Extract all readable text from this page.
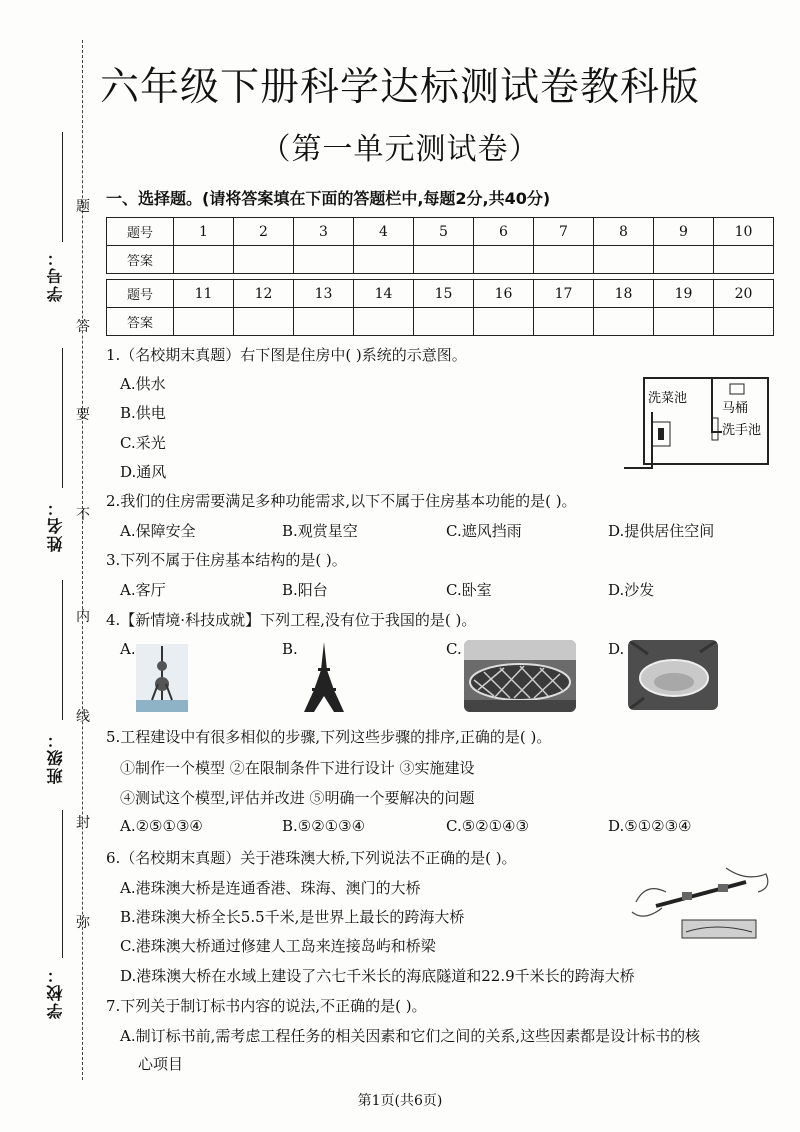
学号：
姓名：
班级：
学校：
题
答
要
不
内
线
封
弥
六年级下册科学达标测试卷教科版
（第一单元测试卷）
一、选择题。(请将答案填在下面的答题栏中,每题2分,共40分)
题号	1	2	3	4	5	6	7	8	9	10
答案										

题号	11	12	13	14	15	16	17	18	19	20
答案										
1.（名校期末真题）右下图是住房中( )系统的示意图。
A.供水
B.供电
C.采光
D.通风
洗菜池
马桶
洗手池
2.我们的住房需要满足多种功能需求,以下不属于住房基本功能的是( )。
A.保障安全	B.观赏星空	C.遮风挡雨	D.提供居住空间
3.下列不属于住房基本结构的是( )。
A.客厅	B.阳台	C.卧室	D.沙发
4.【新情境·科技成就】下列工程,没有位于我国的是( )。
A.	B.	C.	D.
5.工程建设中有很多相似的步骤,下列这些步骤的排序,正确的是( )。
①制作一个模型 ②在限制条件下进行设计 ③实施建设
④测试这个模型,评估并改进 ⑤明确一个要解决的问题
A.②⑤①③④	B.⑤②①③④	C.⑤②①④③	D.⑤①②③④
6.（名校期末真题）关于港珠澳大桥,下列说法不正确的是( )。
A.港珠澳大桥是连通香港、珠海、澳门的大桥
B.港珠澳大桥全长5.5千米,是世界上最长的跨海大桥
C.港珠澳大桥通过修建人工岛来连接岛屿和桥梁
D.港珠澳大桥在水域上建设了六七千米长的海底隧道和22.9千米长的跨海大桥
7.下列关于制订标书内容的说法,不正确的是( )。
A.制订标书前,需考虑工程任务的相关因素和它们之间的关系,这些因素都是设计标书的核
心项目
第1页(共6页)
